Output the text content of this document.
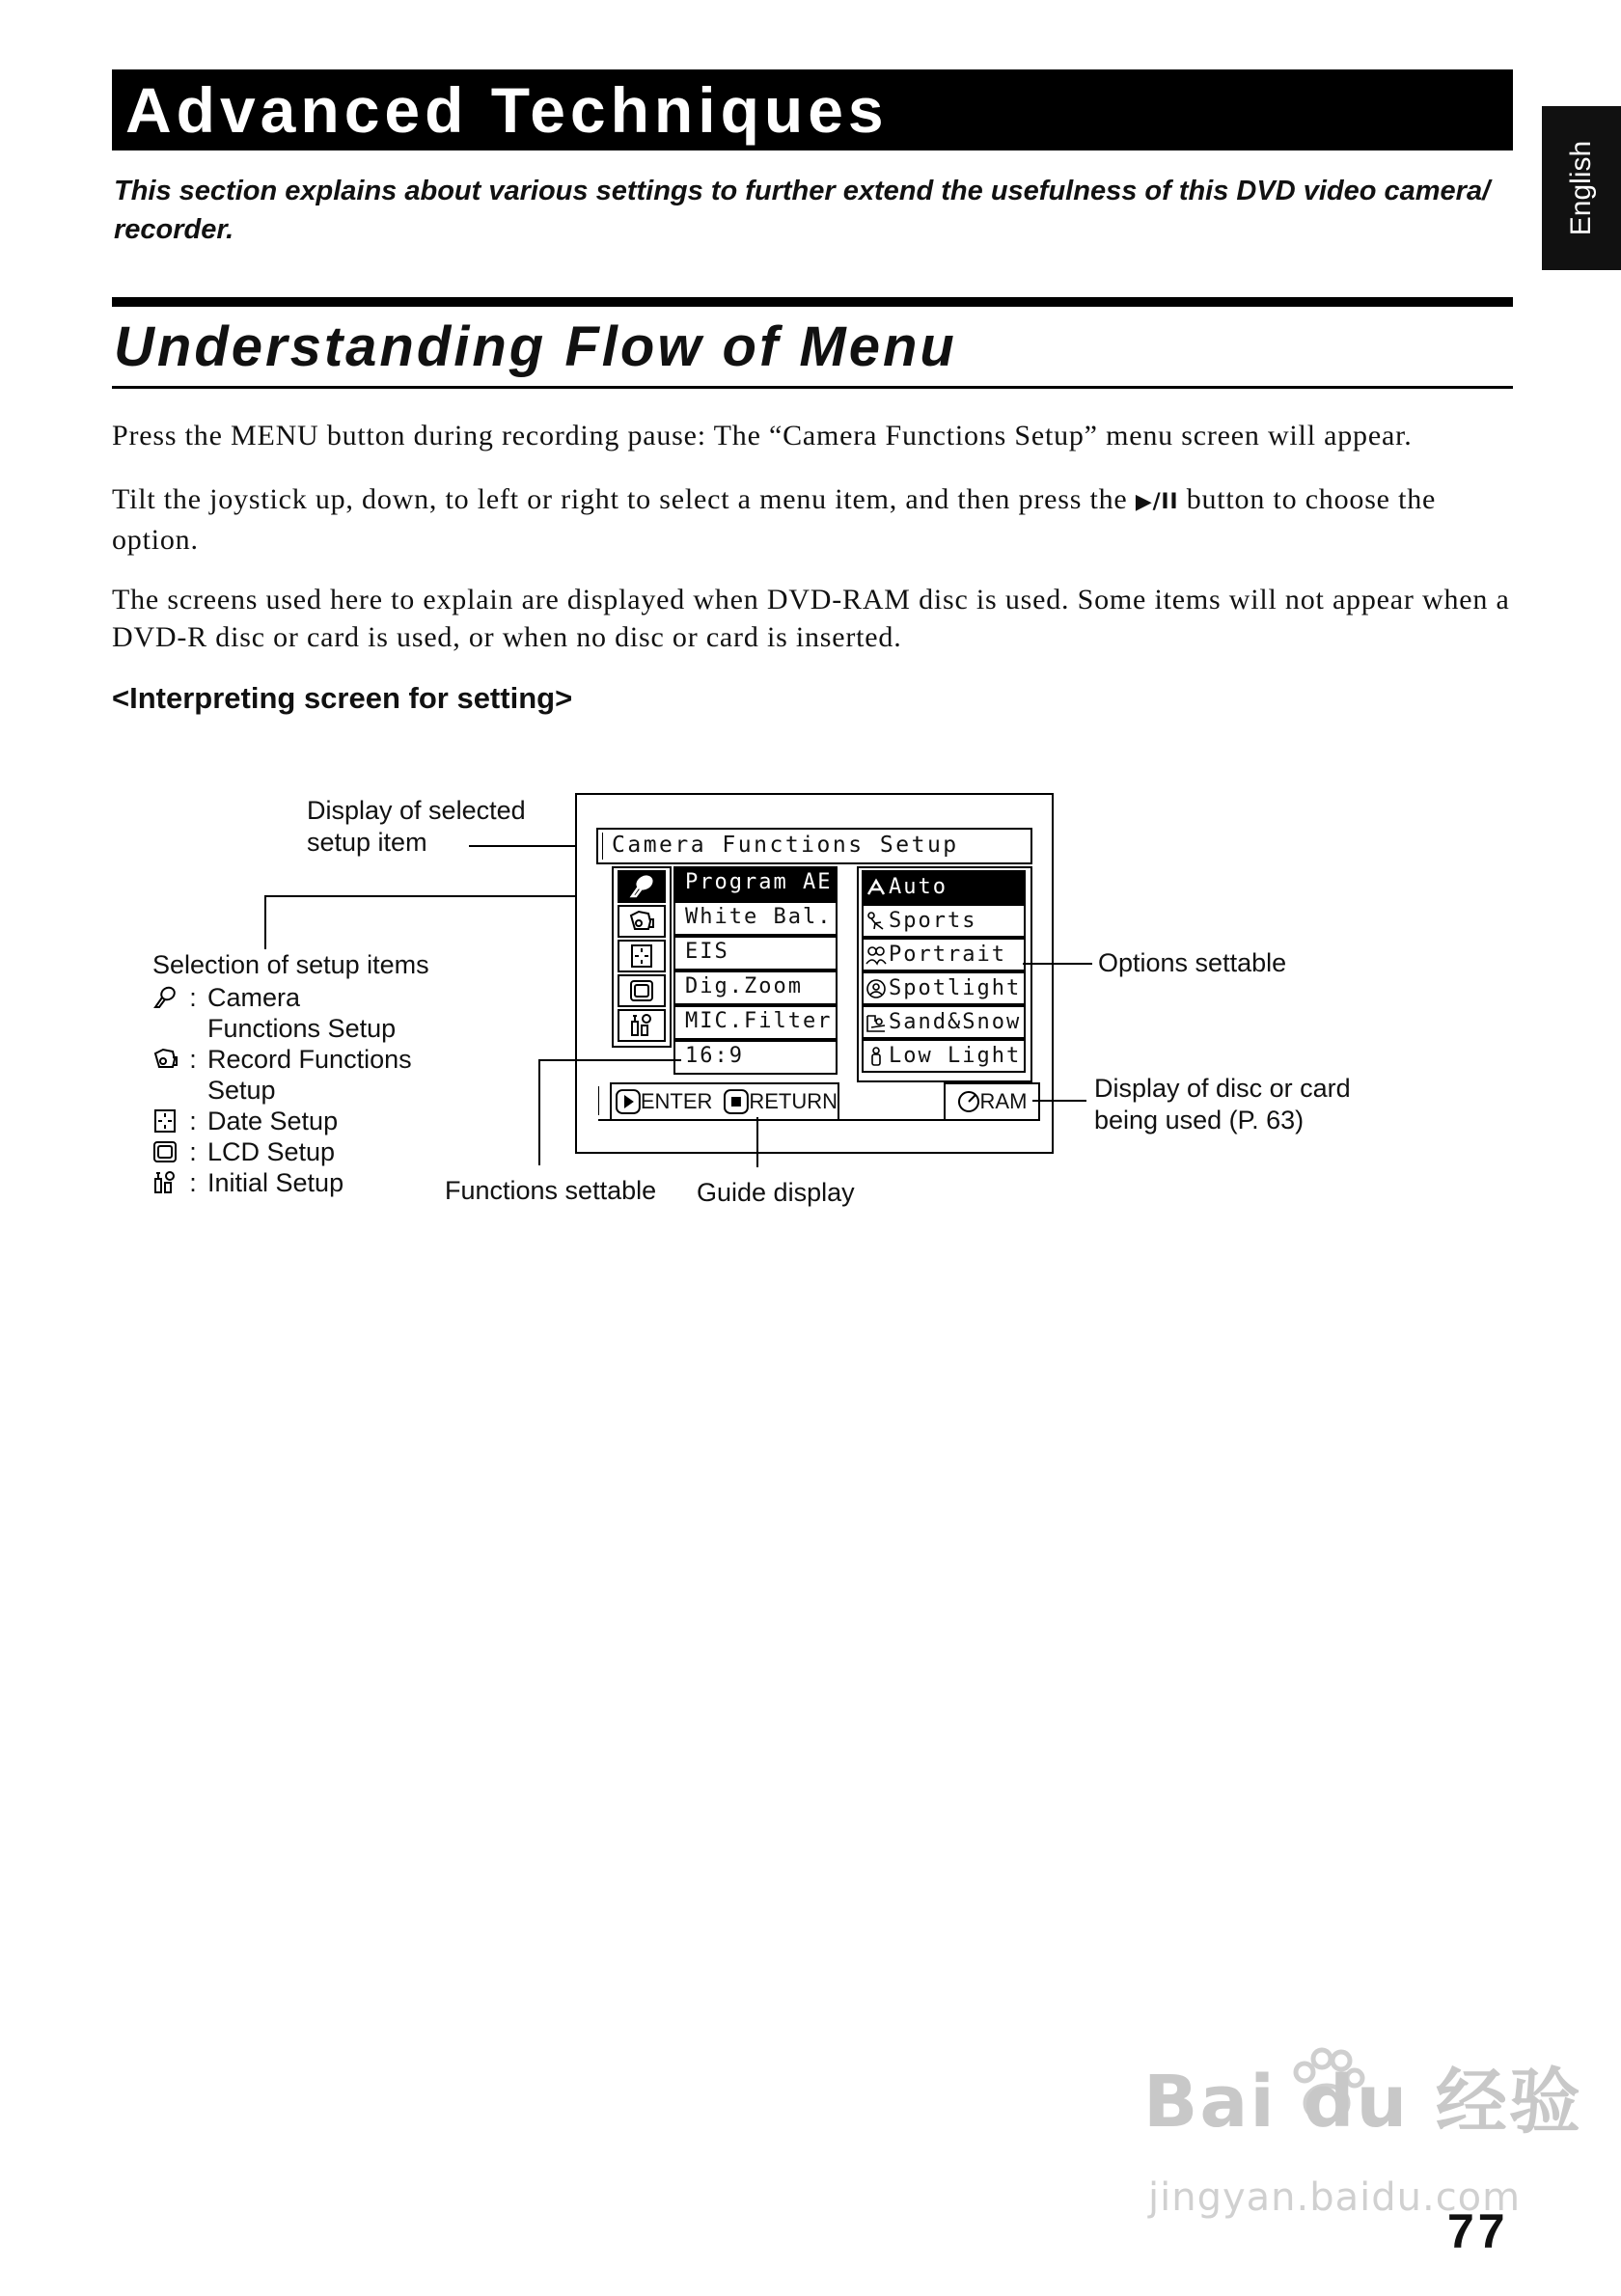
English
Advanced Techniques
This section explains about various settings to further extend the usefulness of this DVD video camera/ recorder.
Understanding Flow of Menu

Press the MENU button during recording pause: The “Camera Functions Setup” menu screen will appear.

Tilt the joystick up, down, to left or right to select a menu item, and then press the ▶/II button to choose the option.

The screens used here to explain are displayed when DVD-RAM disc is used. Some items will not appear when a DVD-R disc or card is used, or when no disc or card is inserted.

<Interpreting screen for setting>
Display of selected
setup item
Selection of setup items
: Camera
Functions Setup
: Record Functions
Setup
: Date Setup
: LCD Setup
: Initial Setup
Camera Functions Setup
Program AE
White Bal.
EIS
Dig.Zoom
MIC.Filter
16:9
Auto
Sports
Portrait
Spotlight
Sand&Snow
Low Light
ENTER RETURN	RAM
Options settable
Display of disc or card
being used (P. 63)
Functions settable Guide display
Bai du 经验
jingyan.baidu.com
77
